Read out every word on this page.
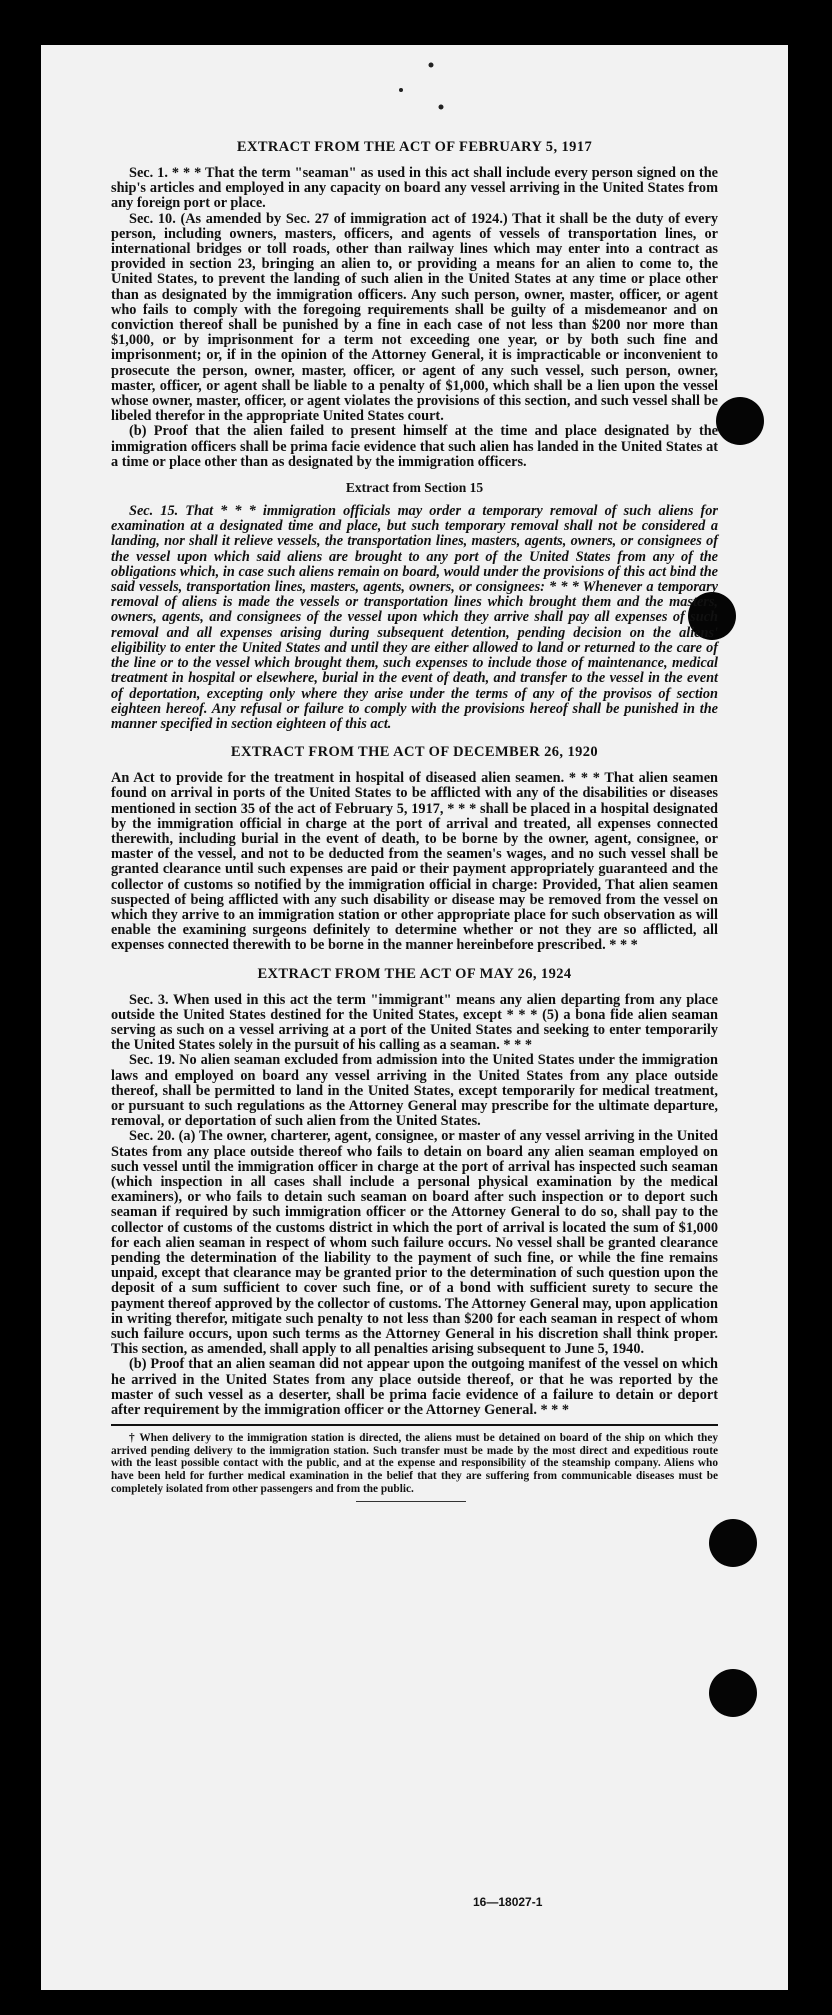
EXTRACT FROM THE ACT OF FEBRUARY 5, 1917

Sec. 1. * * * That the term "seaman" as used in this act shall include every person signed on the ship's articles and employed in any capacity on board any vessel arriving in the United States from any foreign port or place.

Sec. 10. (As amended by Sec. 27 of immigration act of 1924.) That it shall be the duty of every person, including owners, masters, officers, and agents of vessels of transportation lines, or international bridges or toll roads, other than railway lines which may enter into a contract as provided in section 23, bringing an alien to, or providing a means for an alien to come to, the United States, to prevent the landing of such alien in the United States at any time or place other than as designated by the immigration officers. Any such person, owner, master, officer, or agent who fails to comply with the foregoing requirements shall be guilty of a misdemeanor and on conviction thereof shall be punished by a fine in each case of not less than $200 nor more than $1,000, or by imprisonment for a term not exceeding one year, or by both such fine and imprisonment; or, if in the opinion of the Attorney General, it is impracticable or inconvenient to prosecute the person, owner, master, officer, or agent of any such vessel, such person, owner, master, officer, or agent shall be liable to a penalty of $1,000, which shall be a lien upon the vessel whose owner, master, officer, or agent violates the provisions of this section, and such vessel shall be libeled therefor in the appropriate United States court.

(b) Proof that the alien failed to present himself at the time and place designated by the immigration officers shall be prima facie evidence that such alien has landed in the United States at a time or place other than as designated by the immigration officers.

Extract from Section 15

Sec. 15. That * * * immigration officials may order a temporary removal of such aliens for examination at a designated time and place, but such temporary removal shall not be considered a landing, nor shall it relieve vessels, the transportation lines, masters, agents, owners, or consignees of the vessel upon which said aliens are brought to any port of the United States from any of the obligations which, in case such aliens remain on board, would under the provisions of this act bind the said vessels, transportation lines, masters, agents, owners, or consignees: * * * Whenever a temporary removal of aliens is made the vessels or transportation lines which brought them and the masters, owners, agents, and consignees of the vessel upon which they arrive shall pay all expenses of such removal and all expenses arising during subsequent detention, pending decision on the aliens' eligibility to enter the United States and until they are either allowed to land or returned to the care of the line or to the vessel which brought them, such expenses to include those of maintenance, medical treatment in hospital or elsewhere, burial in the event of death, and transfer to the vessel in the event of deportation, excepting only where they arise under the terms of any of the provisos of section eighteen hereof. Any refusal or failure to comply with the provisions hereof shall be punished in the manner specified in section eighteen of this act.

EXTRACT FROM THE ACT OF DECEMBER 26, 1920

An Act to provide for the treatment in hospital of diseased alien seamen. * * * That alien seamen found on arrival in ports of the United States to be afflicted with any of the disabilities or diseases mentioned in section 35 of the act of February 5, 1917, * * * shall be placed in a hospital designated by the immigration official in charge at the port of arrival and treated, all expenses connected therewith, including burial in the event of death, to be borne by the owner, agent, consignee, or master of the vessel, and not to be deducted from the seamen's wages, and no such vessel shall be granted clearance until such expenses are paid or their payment appropriately guaranteed and the collector of customs so notified by the immigration official in charge: Provided, That alien seamen suspected of being afflicted with any such disability or disease may be removed from the vessel on which they arrive to an immigration station or other appropriate place for such observation as will enable the examining surgeons definitely to determine whether or not they are so afflicted, all expenses connected therewith to be borne in the manner hereinbefore prescribed. * * *

EXTRACT FROM THE ACT OF MAY 26, 1924

Sec. 3. When used in this act the term "immigrant" means any alien departing from any place outside the United States destined for the United States, except * * * (5) a bona fide alien seaman serving as such on a vessel arriving at a port of the United States and seeking to enter temporarily the United States solely in the pursuit of his calling as a seaman. * * *

Sec. 19. No alien seaman excluded from admission into the United States under the immigration laws and employed on board any vessel arriving in the United States from any place outside thereof, shall be permitted to land in the United States, except temporarily for medical treatment, or pursuant to such regulations as the Attorney General may prescribe for the ultimate departure, removal, or deportation of such alien from the United States.

Sec. 20. (a) The owner, charterer, agent, consignee, or master of any vessel arriving in the United States from any place outside thereof who fails to detain on board any alien seaman employed on such vessel until the immigration officer in charge at the port of arrival has inspected such seaman (which inspection in all cases shall include a personal physical examination by the medical examiners), or who fails to detain such seaman on board after such inspection or to deport such seaman if required by such immigration officer or the Attorney General to do so, shall pay to the collector of customs of the customs district in which the port of arrival is located the sum of $1,000 for each alien seaman in respect of whom such failure occurs. No vessel shall be granted clearance pending the determination of the liability to the payment of such fine, or while the fine remains unpaid, except that clearance may be granted prior to the determination of such question upon the deposit of a sum sufficient to cover such fine, or of a bond with sufficient surety to secure the payment thereof approved by the collector of customs. The Attorney General may, upon application in writing therefor, mitigate such penalty to not less than $200 for each seaman in respect of whom such failure occurs, upon such terms as the Attorney General in his discretion shall think proper. This section, as amended, shall apply to all penalties arising subsequent to June 5, 1940.

(b) Proof that an alien seaman did not appear upon the outgoing manifest of the vessel on which he arrived in the United States from any place outside thereof, or that he was reported by the master of such vessel as a deserter, shall be prima facie evidence of a failure to detain or deport after requirement by the immigration officer or the Attorney General. * * *

† When delivery to the immigration station is directed, the aliens must be detained on board of the ship on which they arrived pending delivery to the immigration station. Such transfer must be made by the most direct and expeditious route with the least possible contact with the public, and at the expense and responsibility of the steamship company. Aliens who have been held for further medical examination in the belief that they are suffering from communicable diseases must be completely isolated from other passengers and from the public.
16—18027-1
